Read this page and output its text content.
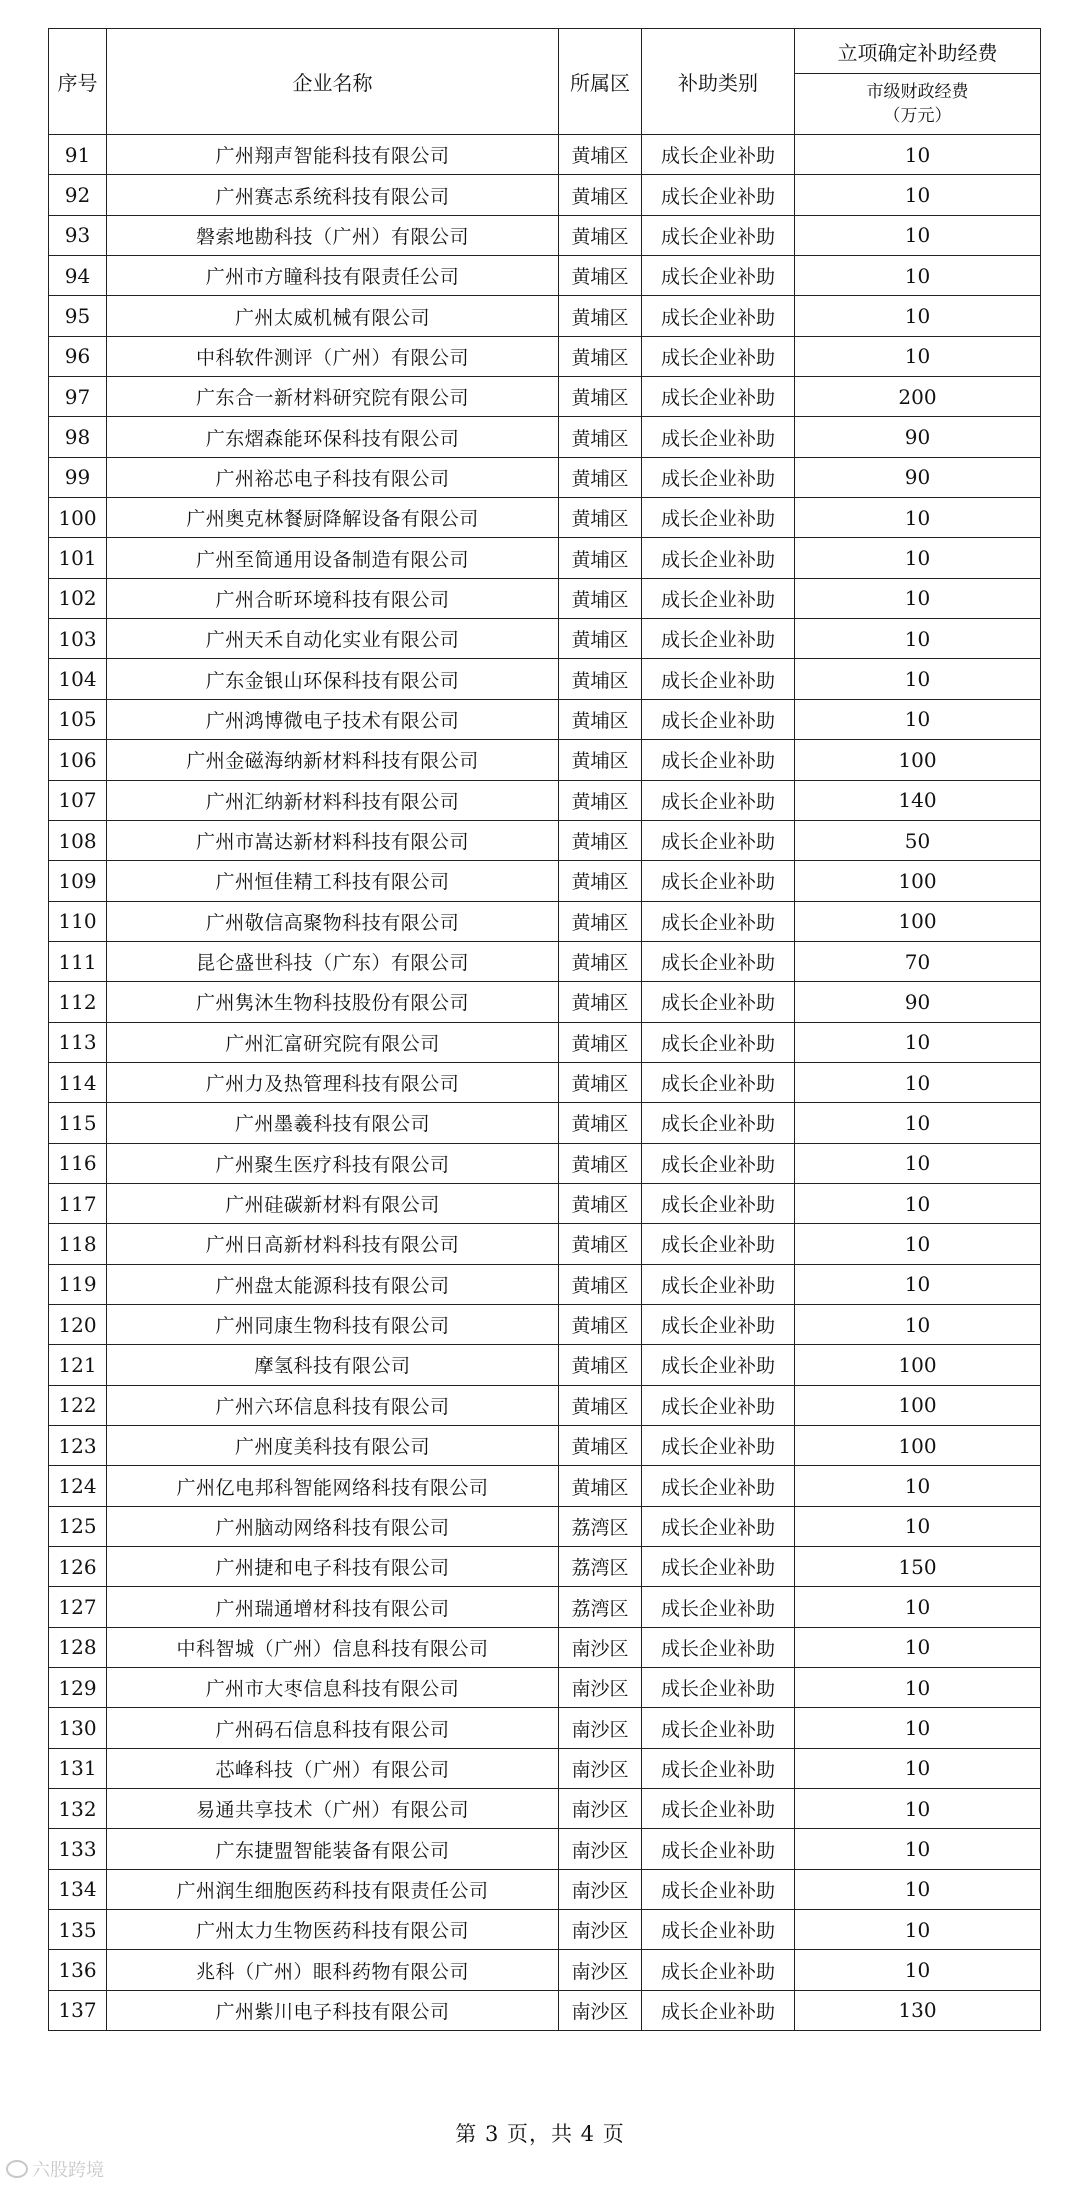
序号	企业名称	所属区	补助类别	立项确定补助经费

				市级财政经费
（万元）

91	广州翔声智能科技有限公司	黄埔区	成长企业补助	10
92	广州赛志系统科技有限公司	黄埔区	成长企业补助	10
93	磐索地勘科技（广州）有限公司	黄埔区	成长企业补助	10
94	广州市方瞳科技有限责任公司	黄埔区	成长企业补助	10
95	广州太威机械有限公司	黄埔区	成长企业补助	10
96	中科软件测评（广州）有限公司	黄埔区	成长企业补助	10
97	广东合一新材料研究院有限公司	黄埔区	成长企业补助	200
98	广东熠森能环保科技有限公司	黄埔区	成长企业补助	90
99	广州裕芯电子科技有限公司	黄埔区	成长企业补助	90
100	广州奥克林餐厨降解设备有限公司	黄埔区	成长企业补助	10
101	广州至简通用设备制造有限公司	黄埔区	成长企业补助	10
102	广州合昕环境科技有限公司	黄埔区	成长企业补助	10
103	广州天禾自动化实业有限公司	黄埔区	成长企业补助	10
104	广东金银山环保科技有限公司	黄埔区	成长企业补助	10
105	广州鸿博微电子技术有限公司	黄埔区	成长企业补助	10
106	广州金磁海纳新材料科技有限公司	黄埔区	成长企业补助	100
107	广州汇纳新材料科技有限公司	黄埔区	成长企业补助	140
108	广州市嵩达新材料科技有限公司	黄埔区	成长企业补助	50
109	广州恒佳精工科技有限公司	黄埔区	成长企业补助	100
110	广州敬信高聚物科技有限公司	黄埔区	成长企业补助	100
111	昆仑盛世科技（广东）有限公司	黄埔区	成长企业补助	70
112	广州隽沐生物科技股份有限公司	黄埔区	成长企业补助	90
113	广州汇富研究院有限公司	黄埔区	成长企业补助	10
114	广州力及热管理科技有限公司	黄埔区	成长企业补助	10
115	广州墨羲科技有限公司	黄埔区	成长企业补助	10
116	广州聚生医疗科技有限公司	黄埔区	成长企业补助	10
117	广州硅碳新材料有限公司	黄埔区	成长企业补助	10
118	广州日高新材料科技有限公司	黄埔区	成长企业补助	10
119	广州盘太能源科技有限公司	黄埔区	成长企业补助	10
120	广州同康生物科技有限公司	黄埔区	成长企业补助	10
121	摩氢科技有限公司	黄埔区	成长企业补助	100
122	广州六环信息科技有限公司	黄埔区	成长企业补助	100
123	广州度美科技有限公司	黄埔区	成长企业补助	100
124	广州亿电邦科智能网络科技有限公司	黄埔区	成长企业补助	10
125	广州脑动网络科技有限公司	荔湾区	成长企业补助	10
126	广州捷和电子科技有限公司	荔湾区	成长企业补助	150
127	广州瑞通增材科技有限公司	荔湾区	成长企业补助	10
128	中科智城（广州）信息科技有限公司	南沙区	成长企业补助	10
129	广州市大枣信息科技有限公司	南沙区	成长企业补助	10
130	广州码石信息科技有限公司	南沙区	成长企业补助	10
131	芯峰科技（广州）有限公司	南沙区	成长企业补助	10
132	易通共享技术（广州）有限公司	南沙区	成长企业补助	10
133	广东捷盟智能装备有限公司	南沙区	成长企业补助	10
134	广州润生细胞医药科技有限责任公司	南沙区	成长企业补助	10
135	广州太力生物医药科技有限公司	南沙区	成长企业补助	10
136	兆科（广州）眼科药物有限公司	南沙区	成长企业补助	10
137	广州紫川电子科技有限公司	南沙区	成长企业补助	130
第 3 页，共 4 页
六股跨境
